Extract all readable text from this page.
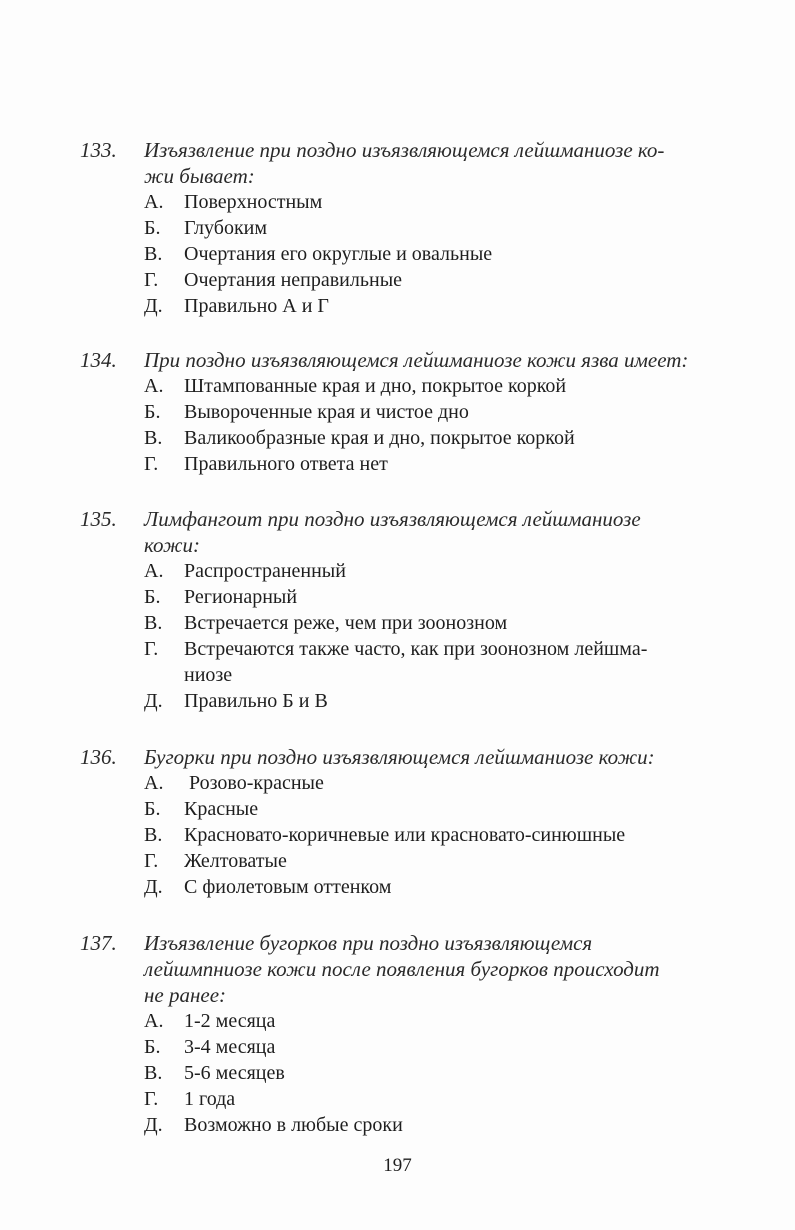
133. Изъязвление при поздно изъязвляющемся лейшманиозе ко-
жи бывает:
А.	Поверхностным
Б.	Глубоким
В.	Очертания его округлые и овальные
Г.	Очертания неправильные
Д.	Правильно А и Г
134. При поздно изъязвляющемся лейшманиозе кожи язва имеет:
А.	Штампованные края и дно, покрытое коркой
Б.	Вывороченные края и чистое дно
В.	Валикообразные края и дно, покрытое коркой
Г.	Правильного ответа нет
135. Лимфангоит при поздно изъязвляющемся лейшманиозе
кожи:
А.	Распространенный
Б.	Регионарный
В.	Встречается реже, чем при зоонозном
Г.	Встречаются также часто, как при зоонозном лейшма-
ниозе
Д.	Правильно Б и В
136. Бугорки при поздно изъязвляющемся лейшманиозе кожи:
А.	Розово-красные
Б.	Красные
В.	Красновато-коричневые или красновато-синюшные
Г.	Желтоватые
Д.	С фиолетовым оттенком
137. Изъязвление бугорков при поздно изъязвляющемся
лейшмпниозе кожи после появления бугорков происходит
не ранее:
А.	1-2 месяца
Б.	3-4 месяца
В.	5-6 месяцев
Г.	1 года
Д.	Возможно в любые сроки
197
